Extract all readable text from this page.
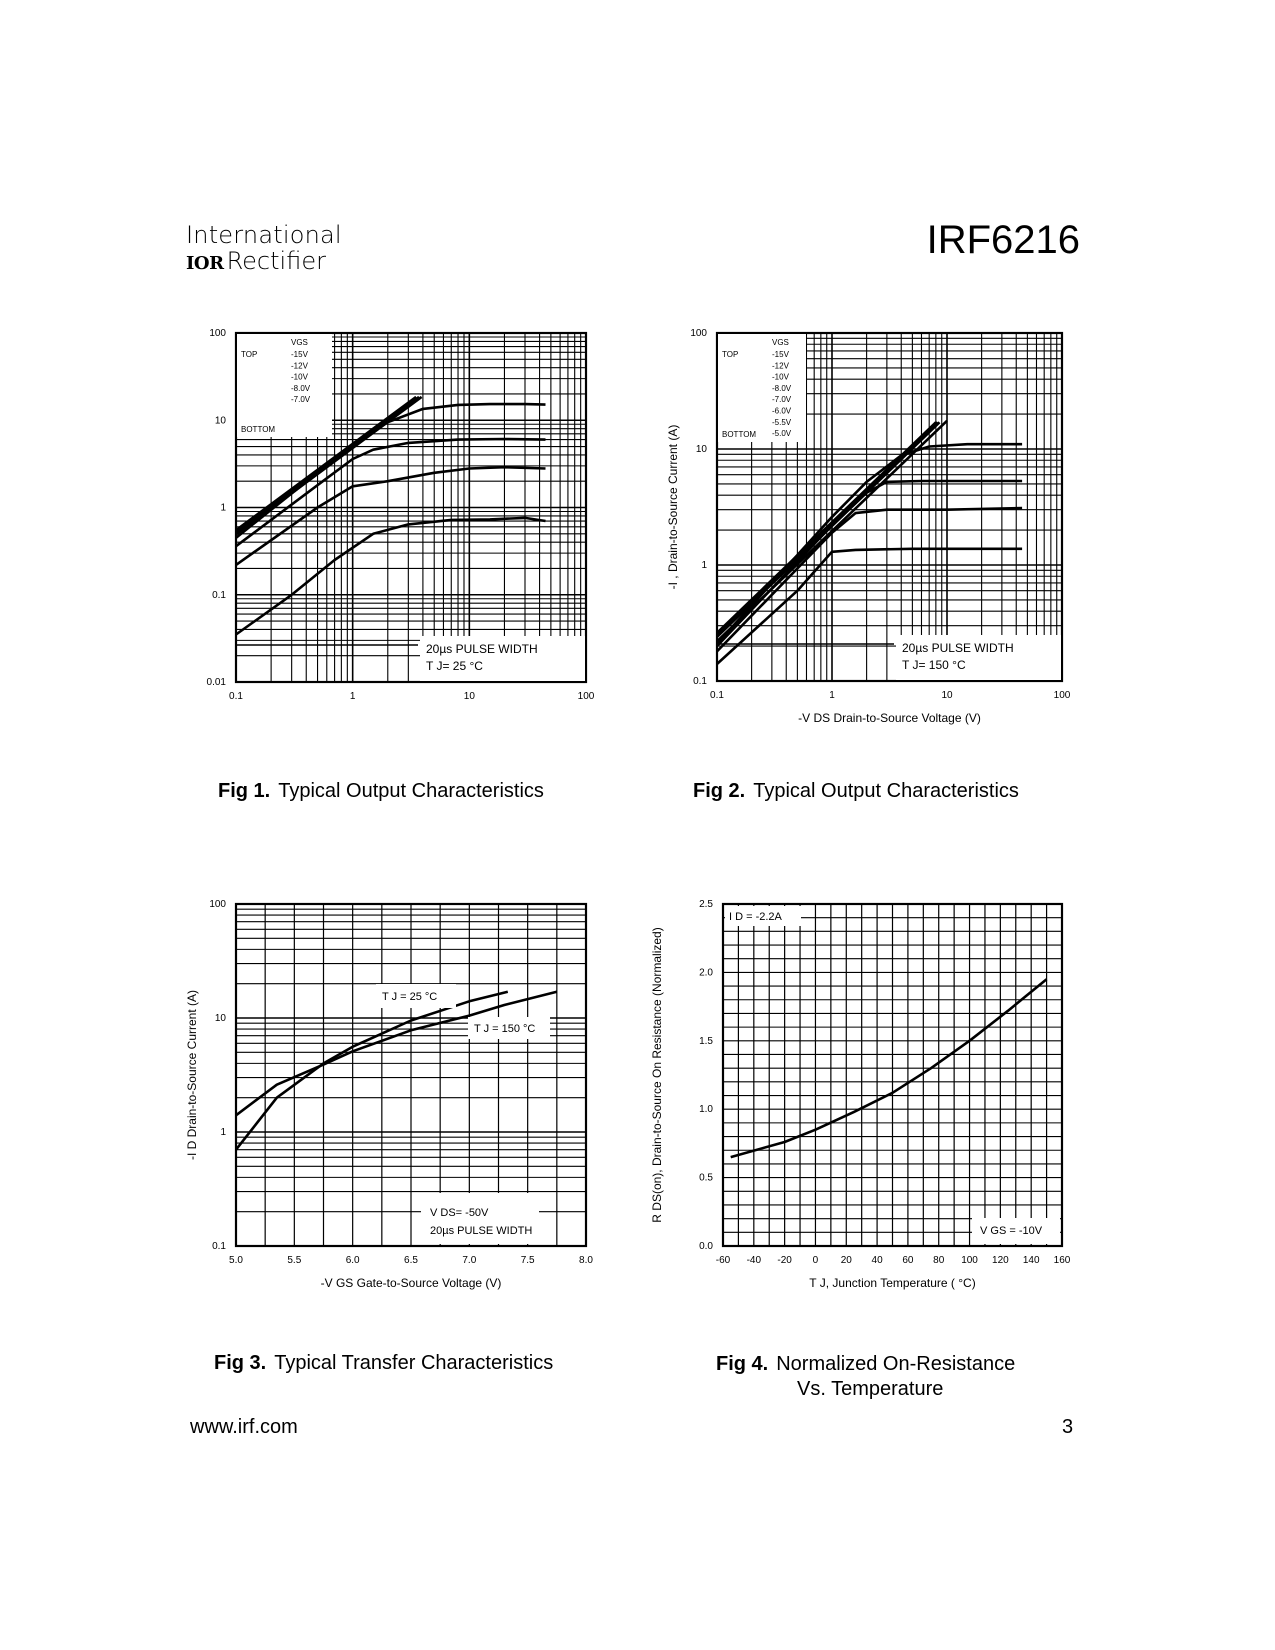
International
IOR Rectifier	IRF6216
VGS
TOP
BOTTOM
-15V
-12V
-10V
-8.0V
-7.0V
20µs PULSE WIDTH
T J= 25 °C
0.1	1	10	100
0.01
0.1
1
10
100
VGS
TOP
BOTTOM
-15V
-12V
-10V
-8.0V
-7.0V
-6.0V
-5.5V
-5.0V
20µs PULSE WIDTH
T J= 150 °C
0.1	1	10	100
0.1
1
10
100
-V DS Drain-to-Source Voltage (V)
-I , Drain-to-Source Current (A)
V DS= -50V
20µs PULSE WIDTH
T J = 25 °C
T J = 150 °C
5.0	5.5	6.0	6.5	7.0	7.5	8.0
0.1
1
10
100
-V GS Gate-to-Source Voltage (V)
-I D Drain-to-Source Current (A)
I D = -2.2A
V GS = -10V
-60 -40 -20 0 20 40 60 80 100 120 140 160
0.0
0.5
1.0
1.5
2.0
2.5
T J, Junction Temperature ( °C)
R DS(on), Drain-to-Source On Resistance (Normalized)
Fig 1. Typical Output Characteristics	Fig 2. Typical Output Characteristics
Fig 3. Typical Transfer Characteristics	Fig 4. Normalized On-Resistance
Vs. Temperature
www.irf.com	3
